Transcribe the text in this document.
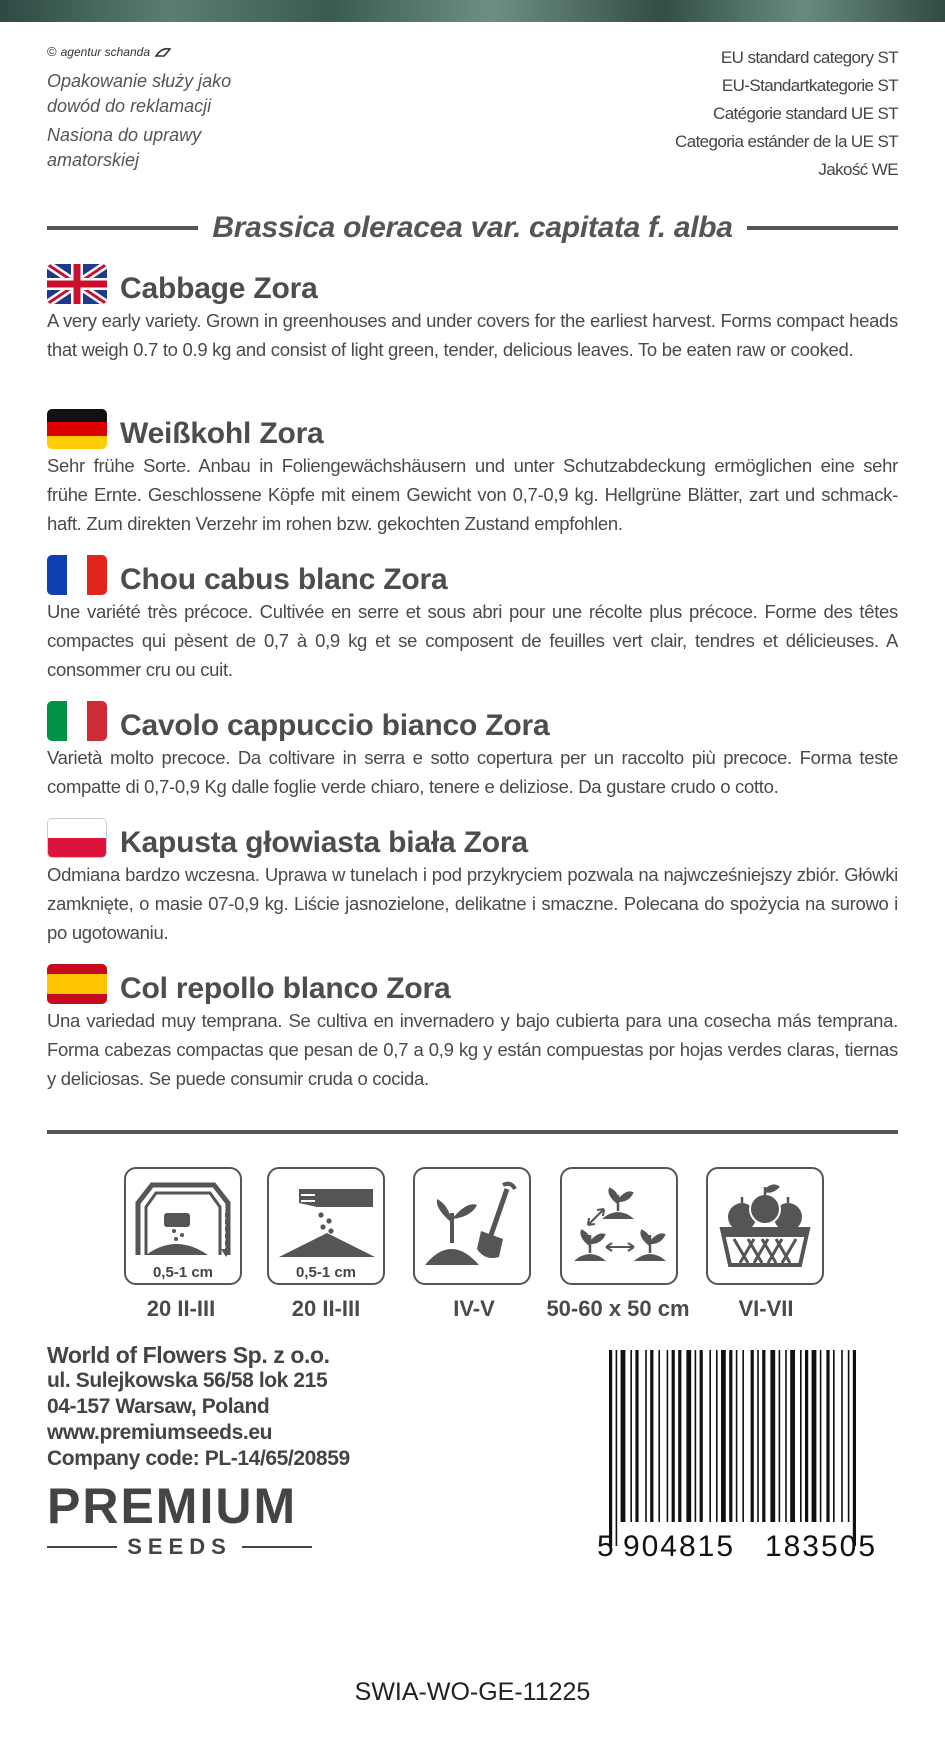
© agentur schanda
Opakowanie służy jako
dowód do reklamacji
Nasiona do uprawy
amatorskiej
EU standard category ST
EU-Standartkategorie ST
Catégorie standard UE ST
Categoria estánder de la UE ST
Jakość WE
Brassica oleracea var. capitata f. alba
Cabbage Zora

A very early variety. Grown in greenhouses and under covers for the earliest harvest. Forms compact heads that weigh 0.7 to 0.9 kg and consist of light green, tender, delicious leaves. To be eaten raw or cooked.

Weißkohl Zora

Sehr frühe Sorte. Anbau in Foliengewächshäusern und unter Schutzabdeckung ermöglichen eine sehr frühe Ernte. Geschlossene Köpfe mit einem Gewicht von 0,7-0,9 kg. Hellgrüne Blätter, zart und schmack-haft. Zum direkten Verzehr im rohen bzw. gekochten Zustand empfohlen.

Chou cabus blanc Zora

Une variété très précoce. Cultivée en serre et sous abri pour une récolte plus précoce. Forme des têtes compactes qui pèsent de 0,7 à 0,9 kg et se composent de feuilles vert clair, tendres et délicieuses. A consommer cru ou cuit.

Cavolo cappuccio bianco Zora

Varietà molto precoce. Da coltivare in serra e sotto copertura per un raccolto più precoce. Forma teste compatte di 0,7-0,9 Kg dalle foglie verde chiaro, tenere e deliziose. Da gustare crudo o cotto.

Kapusta głowiasta biała Zora

Odmiana bardzo wczesna. Uprawa w tunelach i pod przykryciem pozwala na najwcześniejszy zbiór. Główki zamknięte, o masie 07-0,9 kg. Liście jasnozielone, delikatne i smaczne. Polecana do spożycia na surowo i po ugotowaniu.

Col repollo blanco Zora

Una variedad muy temprana. Se cultiva en invernadero y bajo cubierta para una cosecha más temprana. Forma cabezas compactas que pesan de 0,7 a 0,9 kg y están compuestas por hojas verdes claras, tiernas y deliciosas. Se puede consumir cruda o cocida.

0,5-1 cm	0,5-1 cm
20 II-III	20 II-III	IV-V	50-60 x 50 cm	VI-VII
World of Flowers Sp. z o.o.
ul. Sulejkowska 56/58 lok 215
04-157 Warsaw, Poland
www.premiumseeds.eu
Company code: PL-14/65/20859
PREMIUM
SEEDS	5 904815 183505
SWIA-WO-GE-11225
